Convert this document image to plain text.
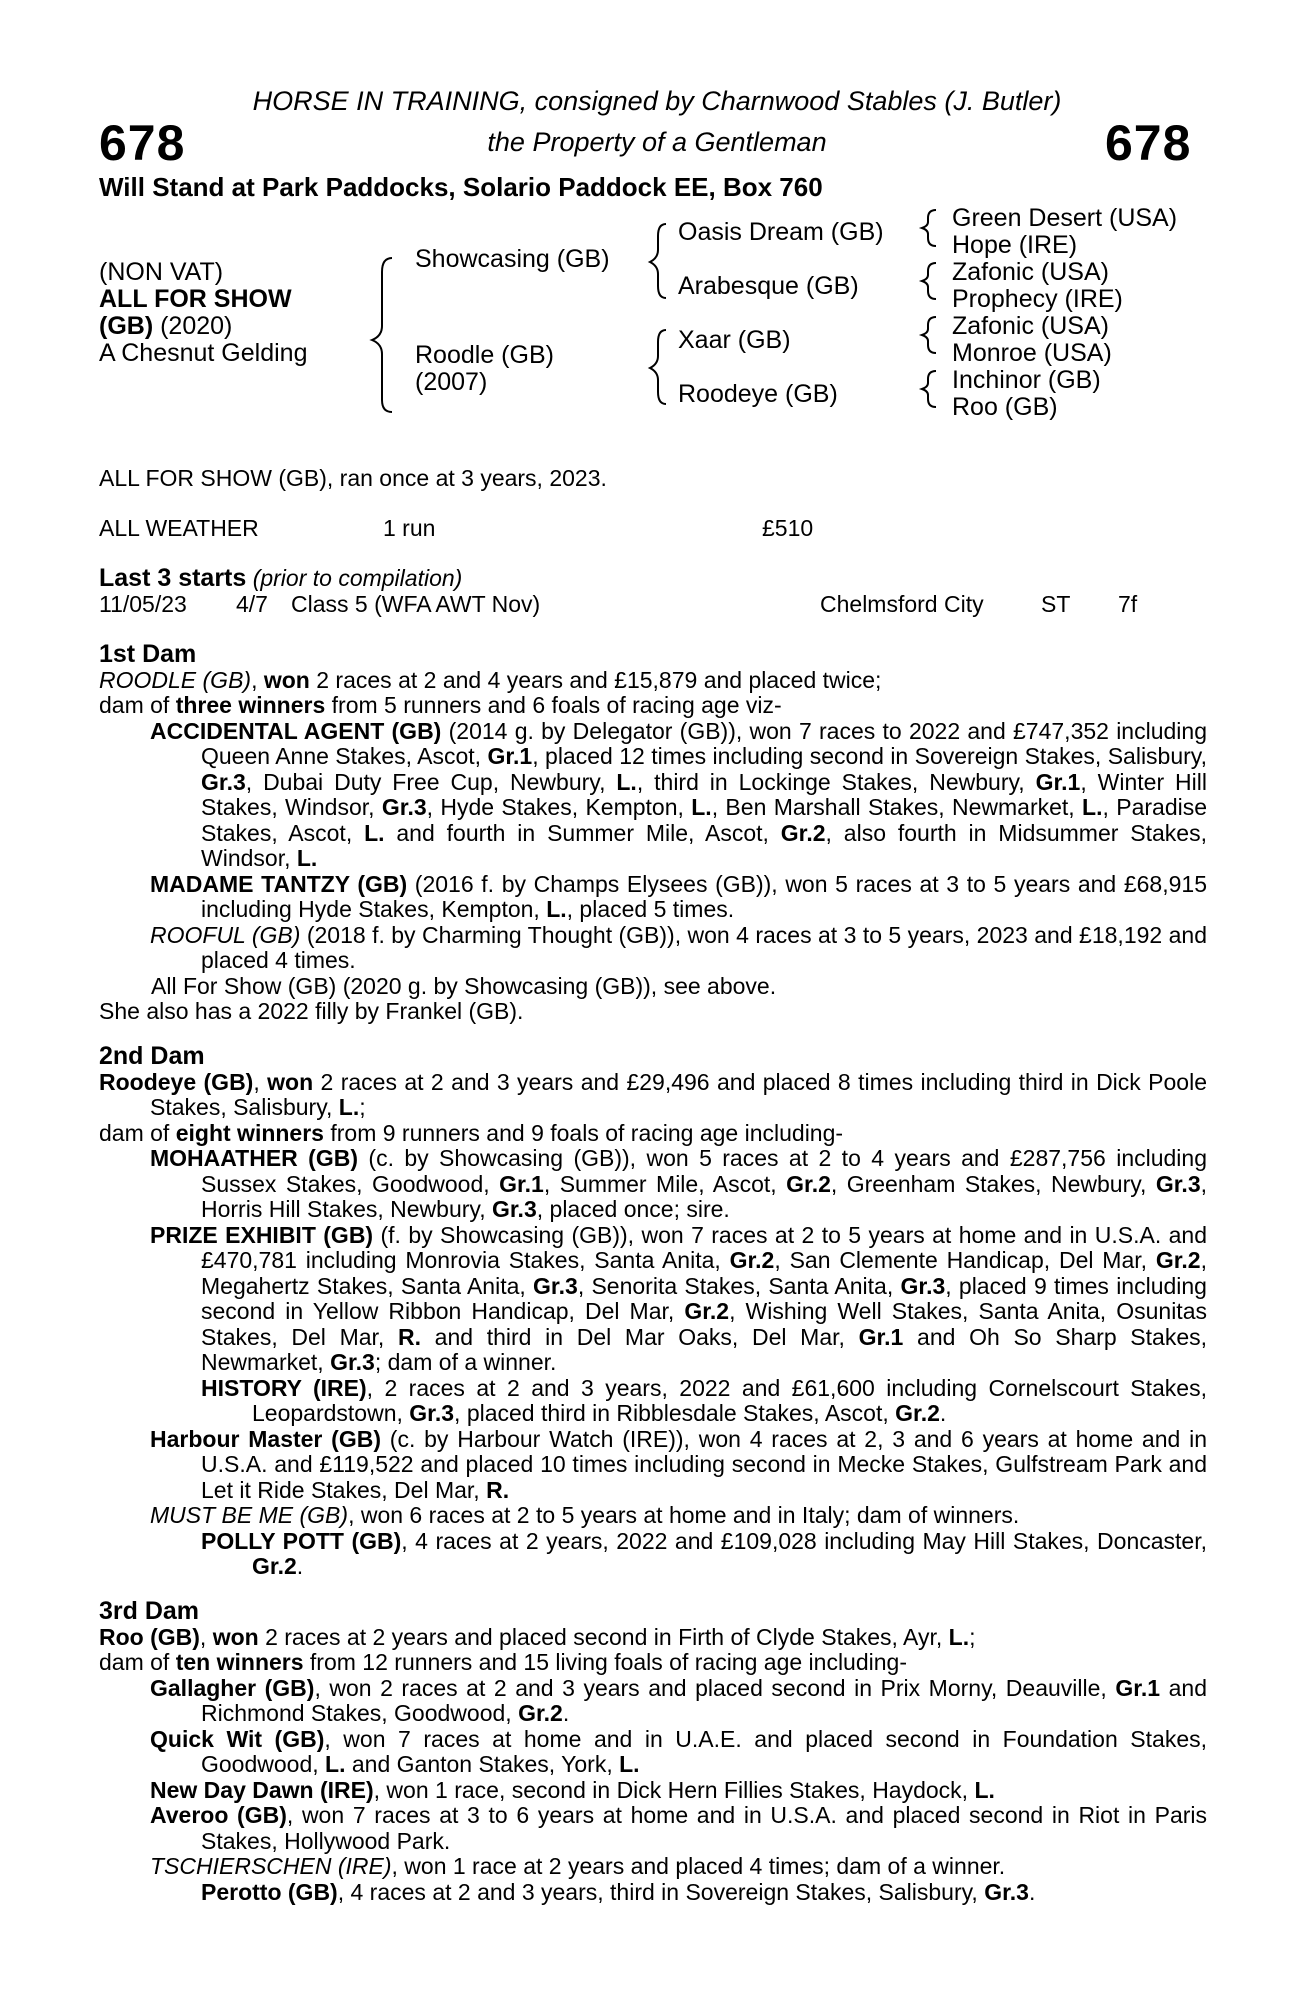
678	678
HORSE IN TRAINING, consigned by Charnwood Stables (J. Butler)
the Property of a Gentleman
Will Stand at Park Paddocks, Solario Paddock EE, Box 760
(NON VAT)
ALL FOR SHOW
(GB) (2020)
A Chesnut Gelding
Showcasing (GB)
Roodle (GB)
(2007)
Oasis Dream (GB)
Arabesque (GB)
Xaar (GB)
Roodeye (GB)
Green Desert (USA)
Hope (IRE)
Zafonic (USA)
Prophecy (IRE)
Zafonic (USA)
Monroe (USA)
Inchinor (GB)
Roo (GB)
ALL FOR SHOW (GB), ran once at 3 years, 2023.
ALL WEATHER	1 run	£510
Last 3 starts (prior to compilation)
11/05/23 4/7 Class 5 (WFA AWT Nov)	Chelmsford City ST 7f
1st Dam
ROODLE (GB), won 2 races at 2 and 4 years and £15,879 and placed twice;
dam of three winners from 5 runners and 6 foals of racing age viz-
ACCIDENTAL AGENT (GB) (2014 g. by Delegator (GB)), won 7 races to 2022 and £747,352 including Queen Anne Stakes, Ascot, Gr.1, placed 12 times including second in Sovereign Stakes, Salisbury, Gr.3, Dubai Duty Free Cup, Newbury, L., third in Lockinge Stakes, Newbury, Gr.1, Winter Hill Stakes, Windsor, Gr.3, Hyde Stakes, Kempton, L., Ben Marshall Stakes, Newmarket, L., Paradise Stakes, Ascot, L. and fourth in Summer Mile, Ascot, Gr.2, also fourth in Midsummer Stakes, Windsor, L.
MADAME TANTZY (GB) (2016 f. by Champs Elysees (GB)), won 5 races at 3 to 5 years and £68,915 including Hyde Stakes, Kempton, L., placed 5 times.
ROOFUL (GB) (2018 f. by Charming Thought (GB)), won 4 races at 3 to 5 years, 2023 and £18,192 and placed 4 times.
All For Show (GB) (2020 g. by Showcasing (GB)), see above.
She also has a 2022 filly by Frankel (GB).
2nd Dam
Roodeye (GB), won 2 races at 2 and 3 years and £29,496 and placed 8 times including third in Dick Poole Stakes, Salisbury, L.;
dam of eight winners from 9 runners and 9 foals of racing age including-
MOHAATHER (GB) (c. by Showcasing (GB)), won 5 races at 2 to 4 years and £287,756 including Sussex Stakes, Goodwood, Gr.1, Summer Mile, Ascot, Gr.2, Greenham Stakes, Newbury, Gr.3, Horris Hill Stakes, Newbury, Gr.3, placed once; sire.
PRIZE EXHIBIT (GB) (f. by Showcasing (GB)), won 7 races at 2 to 5 years at home and in U.S.A. and £470,781 including Monrovia Stakes, Santa Anita, Gr.2, San Clemente Handicap, Del Mar, Gr.2, Megahertz Stakes, Santa Anita, Gr.3, Senorita Stakes, Santa Anita, Gr.3, placed 9 times including second in Yellow Ribbon Handicap, Del Mar, Gr.2, Wishing Well Stakes, Santa Anita, Osunitas Stakes, Del Mar, R. and third in Del Mar Oaks, Del Mar, Gr.1 and Oh So Sharp Stakes, Newmarket, Gr.3; dam of a winner.
HISTORY (IRE), 2 races at 2 and 3 years, 2022 and £61,600 including Cornelscourt Stakes, Leopardstown, Gr.3, placed third in Ribblesdale Stakes, Ascot, Gr.2.
Harbour Master (GB) (c. by Harbour Watch (IRE)), won 4 races at 2, 3 and 6 years at home and in U.S.A. and £119,522 and placed 10 times including second in Mecke Stakes, Gulfstream Park and Let it Ride Stakes, Del Mar, R.
MUST BE ME (GB), won 6 races at 2 to 5 years at home and in Italy; dam of winners.
POLLY POTT (GB), 4 races at 2 years, 2022 and £109,028 including May Hill Stakes, Doncaster, Gr.2.
3rd Dam
Roo (GB), won 2 races at 2 years and placed second in Firth of Clyde Stakes, Ayr, L.;
dam of ten winners from 12 runners and 15 living foals of racing age including-
Gallagher (GB), won 2 races at 2 and 3 years and placed second in Prix Morny, Deauville, Gr.1 and Richmond Stakes, Goodwood, Gr.2.
Quick Wit (GB), won 7 races at home and in U.A.E. and placed second in Foundation Stakes, Goodwood, L. and Ganton Stakes, York, L.
New Day Dawn (IRE), won 1 race, second in Dick Hern Fillies Stakes, Haydock, L.
Averoo (GB), won 7 races at 3 to 6 years at home and in U.S.A. and placed second in Riot in Paris Stakes, Hollywood Park.
TSCHIERSCHEN (IRE), won 1 race at 2 years and placed 4 times; dam of a winner.
Perotto (GB), 4 races at 2 and 3 years, third in Sovereign Stakes, Salisbury, Gr.3.
